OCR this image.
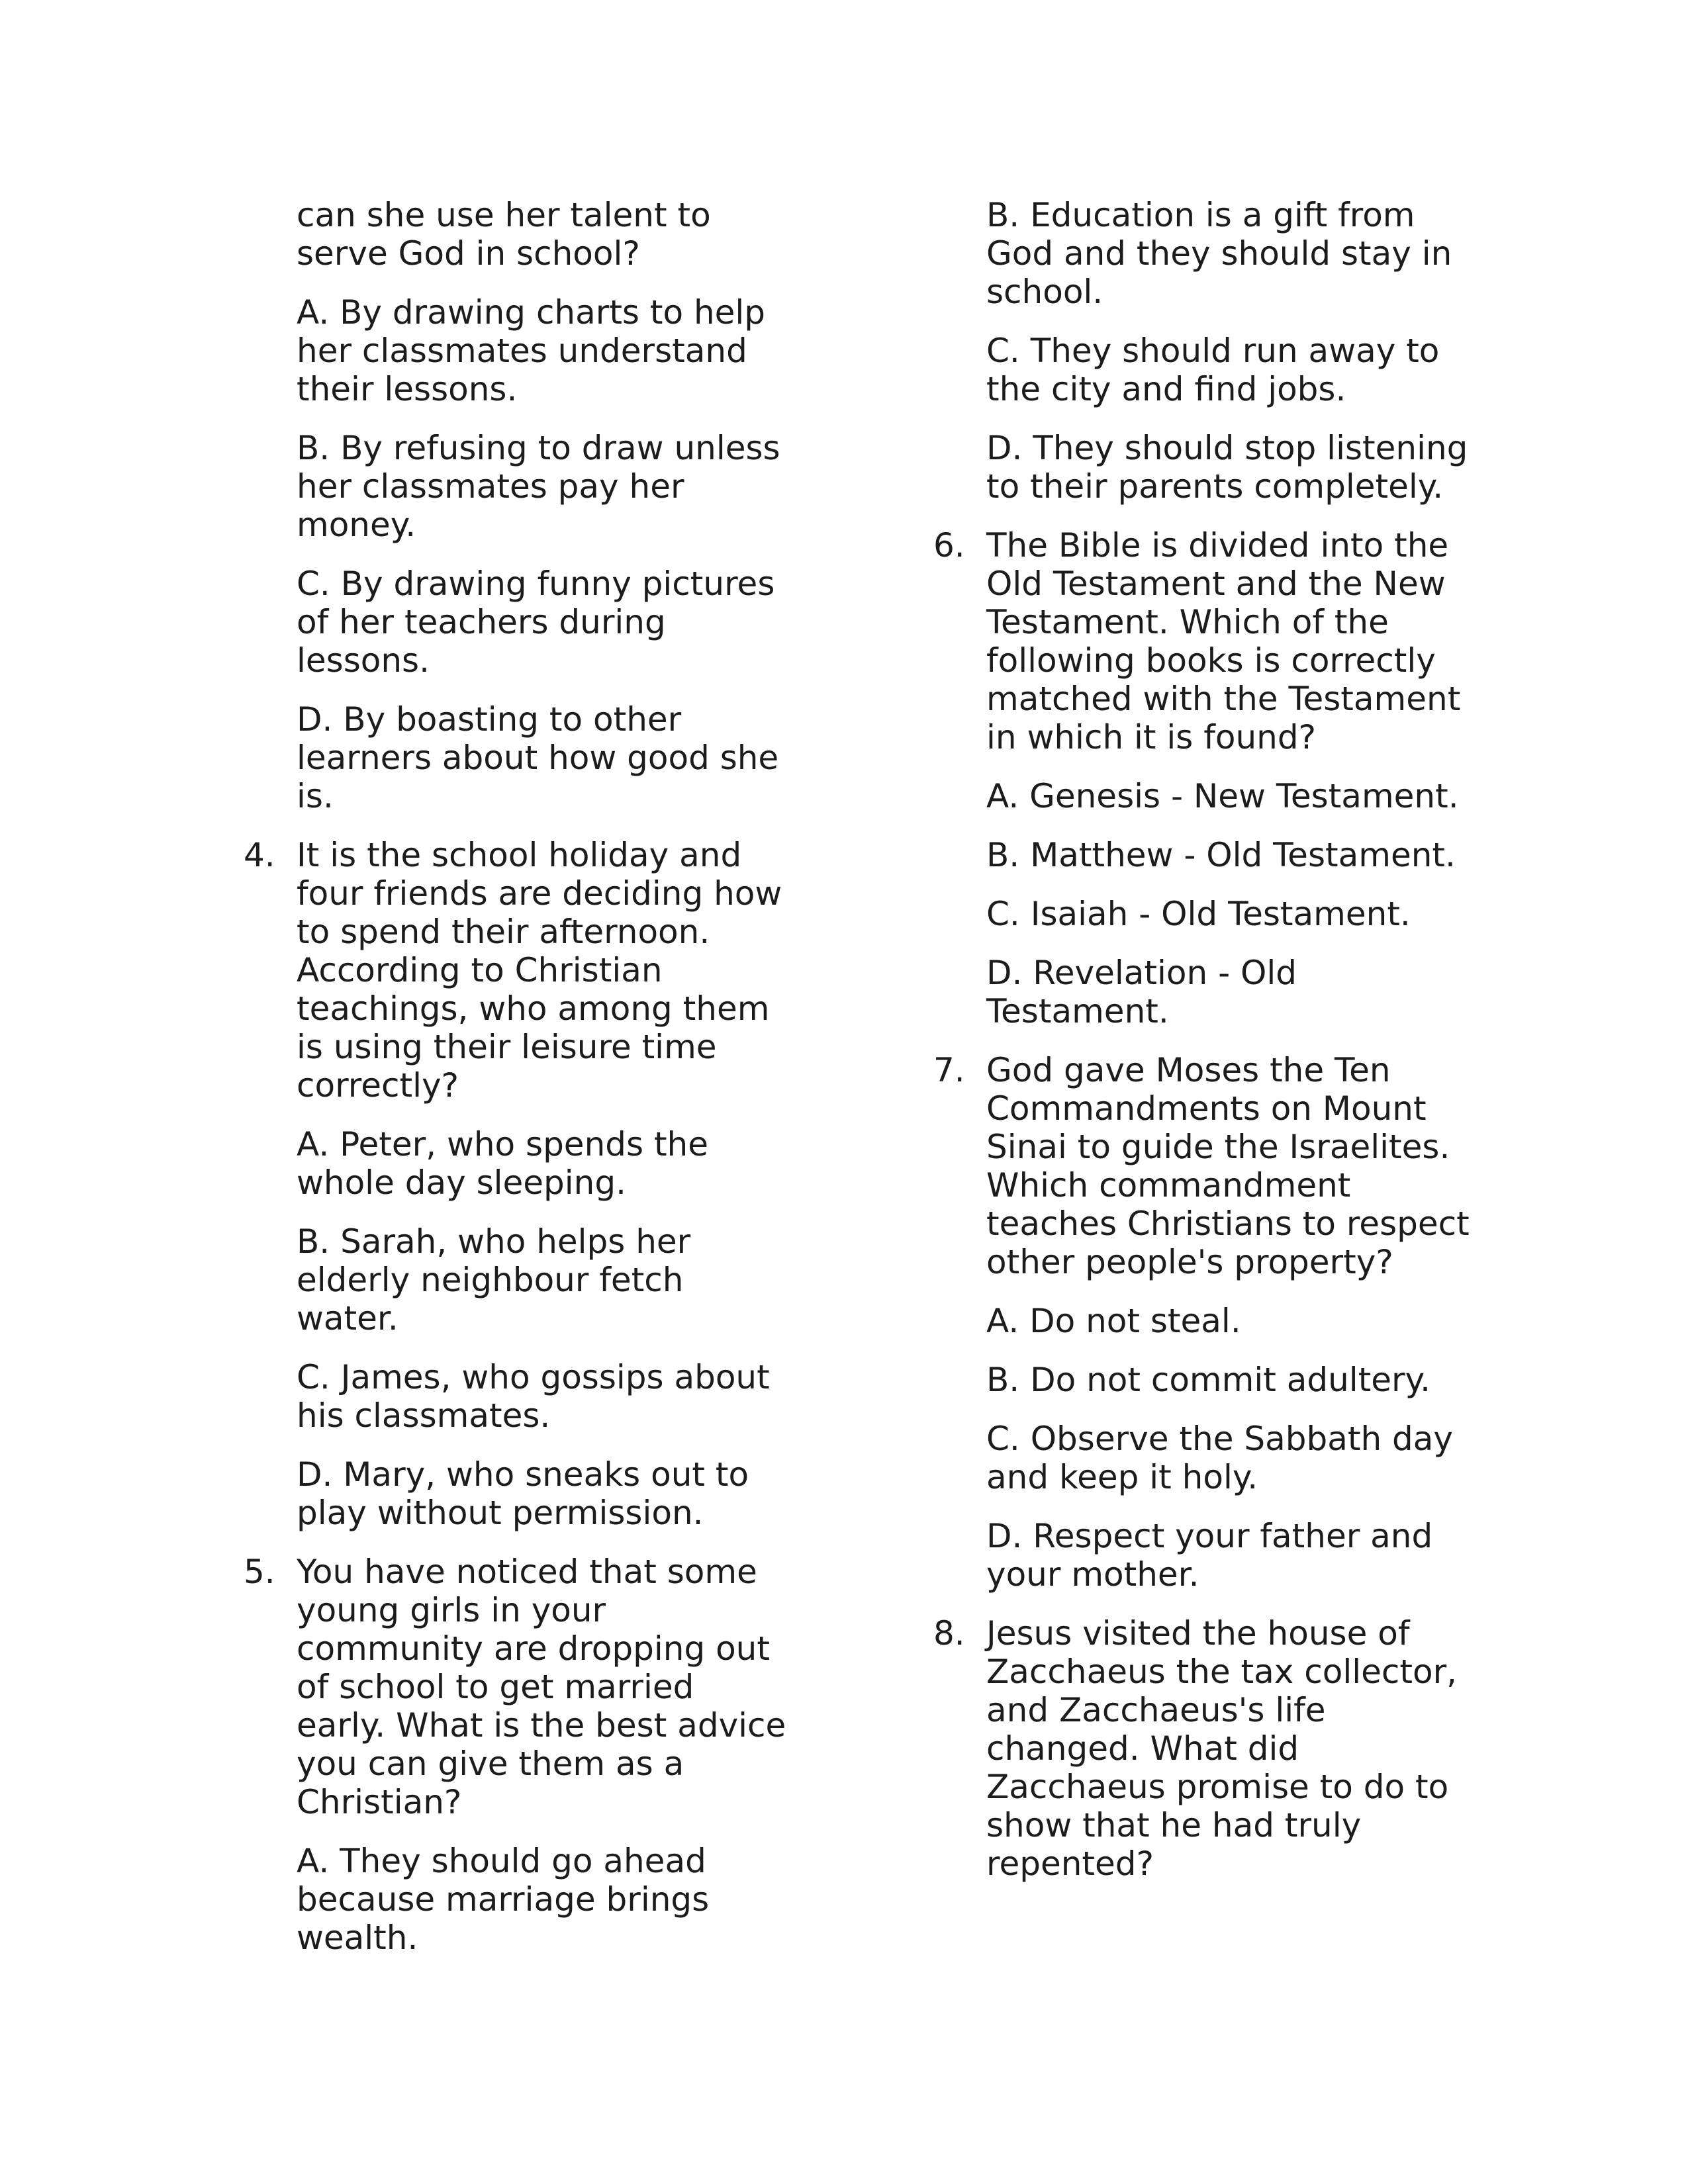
can she use her talent to
serve God in school?

A. By drawing charts to help
her classmates understand
their lessons.

B. By refusing to draw unless
her classmates pay her
money.

C. By drawing funny pictures
of her teachers during
lessons.

D. By boasting to other
learners about how good she
is.

4. It is the school holiday and
four friends are deciding how
to spend their afternoon.
According to Christian
teachings, who among them
is using their leisure time
correctly?

A. Peter, who spends the
whole day sleeping.

B. Sarah, who helps her
elderly neighbour fetch
water.

C. James, who gossips about
his classmates.

D. Mary, who sneaks out to
play without permission.

5. You have noticed that some
young girls in your
community are dropping out
of school to get married
early. What is the best advice
you can give them as a
Christian?

A. They should go ahead
because marriage brings
wealth.

B. Education is a gift from
God and they should stay in
school.

C. They should run away to
the city and find jobs.

D. They should stop listening
to their parents completely.

6. The Bible is divided into the
Old Testament and the New
Testament. Which of the
following books is correctly
matched with the Testament
in which it is found?

A. Genesis - New Testament.

B. Matthew - Old Testament.

C. Isaiah - Old Testament.

D. Revelation - Old
Testament.

7. God gave Moses the Ten
Commandments on Mount
Sinai to guide the Israelites.
Which commandment
teaches Christians to respect
other people's property?

A. Do not steal.

B. Do not commit adultery.

C. Observe the Sabbath day
and keep it holy.

D. Respect your father and
your mother.

8. Jesus visited the house of
Zacchaeus the tax collector,
and Zacchaeus's life
changed. What did
Zacchaeus promise to do to
show that he had truly
repented?
